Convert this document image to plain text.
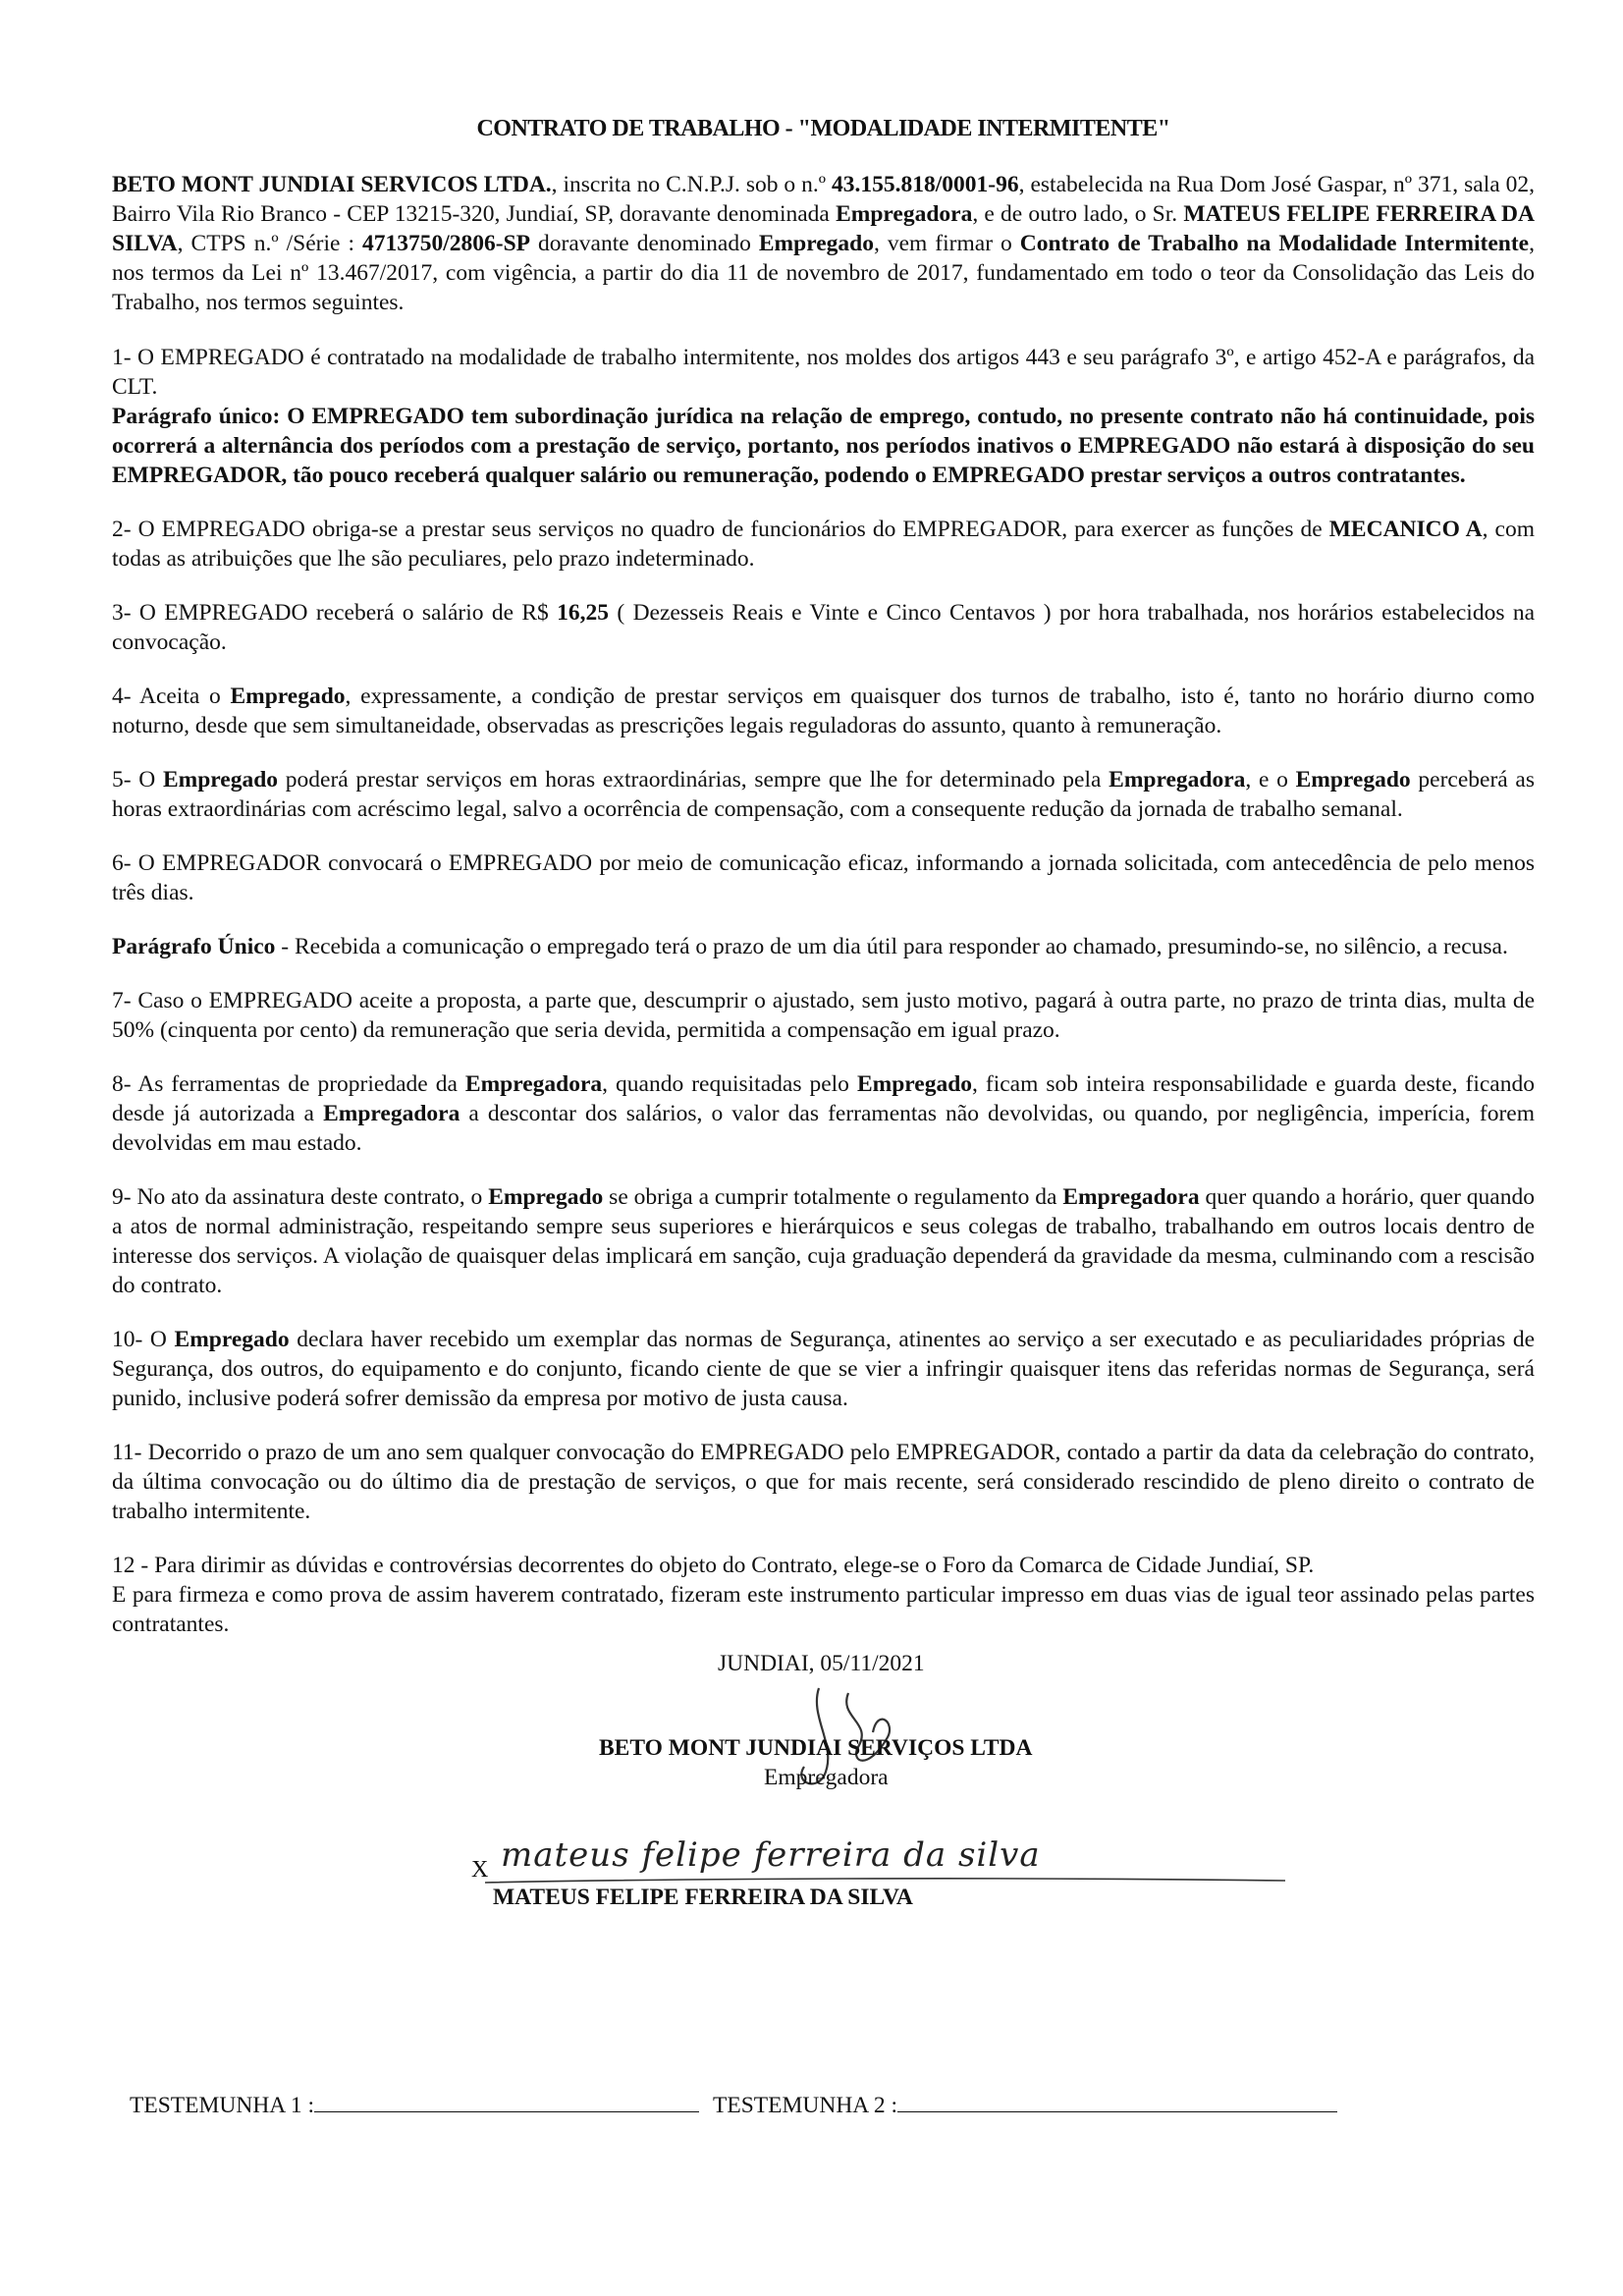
CONTRATO DE TRABALHO - "MODALIDADE INTERMITENTE"

BETO MONT JUNDIAI SERVICOS LTDA., inscrita no C.N.P.J. sob o n.º 43.155.818/0001-96, estabelecida na Rua Dom José Gaspar, nº 371, sala 02, Bairro Vila Rio Branco - CEP 13215-320, Jundiaí, SP, doravante denominada Empregadora, e de outro lado, o Sr. MATEUS FELIPE FERREIRA DA SILVA, CTPS n.º /Série : 4713750/2806-SP doravante denominado Empregado, vem firmar o Contrato de Trabalho na Modalidade Intermitente, nos termos da Lei nº 13.467/2017, com vigência, a partir do dia 11 de novembro de 2017, fundamentado em todo o teor da Consolidação das Leis do Trabalho, nos termos seguintes.

1- O EMPREGADO é contratado na modalidade de trabalho intermitente, nos moldes dos artigos 443 e seu parágrafo 3º, e artigo 452-A e parágrafos, da CLT.

Parágrafo único: O EMPREGADO tem subordinação jurídica na relação de emprego, contudo, no presente contrato não há continuidade, pois ocorrerá a alternância dos períodos com a prestação de serviço, portanto, nos períodos inativos o EMPREGADO não estará à disposição do seu EMPREGADOR, tão pouco receberá qualquer salário ou remuneração, podendo o EMPREGADO prestar serviços a outros contratantes.

2- O EMPREGADO obriga-se a prestar seus serviços no quadro de funcionários do EMPREGADOR, para exercer as funções de MECANICO A, com todas as atribuições que lhe são peculiares, pelo prazo indeterminado.

3- O EMPREGADO receberá o salário de R$ 16,25 ( Dezesseis Reais e Vinte e Cinco Centavos ) por hora trabalhada, nos horários estabelecidos na convocação.

4- Aceita o Empregado, expressamente, a condição de prestar serviços em quaisquer dos turnos de trabalho, isto é, tanto no horário diurno como noturno, desde que sem simultaneidade, observadas as prescrições legais reguladoras do assunto, quanto à remuneração.

5- O Empregado poderá prestar serviços em horas extraordinárias, sempre que lhe for determinado pela Empregadora, e o Empregado perceberá as horas extraordinárias com acréscimo legal, salvo a ocorrência de compensação, com a consequente redução da jornada de trabalho semanal.

6- O EMPREGADOR convocará o EMPREGADO por meio de comunicação eficaz, informando a jornada solicitada, com antecedência de pelo menos três dias.

Parágrafo Único - Recebida a comunicação o empregado terá o prazo de um dia útil para responder ao chamado, presumindo-se, no silêncio, a recusa.

7- Caso o EMPREGADO aceite a proposta, a parte que, descumprir o ajustado, sem justo motivo, pagará à outra parte, no prazo de trinta dias, multa de 50% (cinquenta por cento) da remuneração que seria devida, permitida a compensação em igual prazo.

8- As ferramentas de propriedade da Empregadora, quando requisitadas pelo Empregado, ficam sob inteira responsabilidade e guarda deste, ficando desde já autorizada a Empregadora a descontar dos salários, o valor das ferramentas não devolvidas, ou quando, por negligência, imperícia, forem devolvidas em mau estado.

9- No ato da assinatura deste contrato, o Empregado se obriga a cumprir totalmente o regulamento da Empregadora quer quando a horário, quer quando a atos de normal administração, respeitando sempre seus superiores e hierárquicos e seus colegas de trabalho, trabalhando em outros locais dentro de interesse dos serviços. A violação de quaisquer delas implicará em sanção, cuja graduação dependerá da gravidade da mesma, culminando com a rescisão do contrato.

10- O Empregado declara haver recebido um exemplar das normas de Segurança, atinentes ao serviço a ser executado e as peculiaridades próprias de Segurança, dos outros, do equipamento e do conjunto, ficando ciente de que se vier a infringir quaisquer itens das referidas normas de Segurança, será punido, inclusive poderá sofrer demissão da empresa por motivo de justa causa.

11- Decorrido o prazo de um ano sem qualquer convocação do EMPREGADO pelo EMPREGADOR, contado a partir da data da celebração do contrato, da última convocação ou do último dia de prestação de serviços, o que for mais recente, será considerado rescindido de pleno direito o contrato de trabalho intermitente.

12 - Para dirimir as dúvidas e controvérsias decorrentes do objeto do Contrato, elege-se o Foro da Comarca de Cidade Jundiaí, SP.

E para firmeza e como prova de assim haverem contratado, fizeram este instrumento particular impresso em duas vias de igual teor assinado pelas partes contratantes.

JUNDIAI, 05/11/2021
BETO MONT JUNDIAI SERVIÇOS LTDA
Empregadora
X mateus felipe ferreira da silva
MATEUS FELIPE FERREIRA DA SILVA
TESTEMUNHA 1 :	TESTEMUNHA 2 :
